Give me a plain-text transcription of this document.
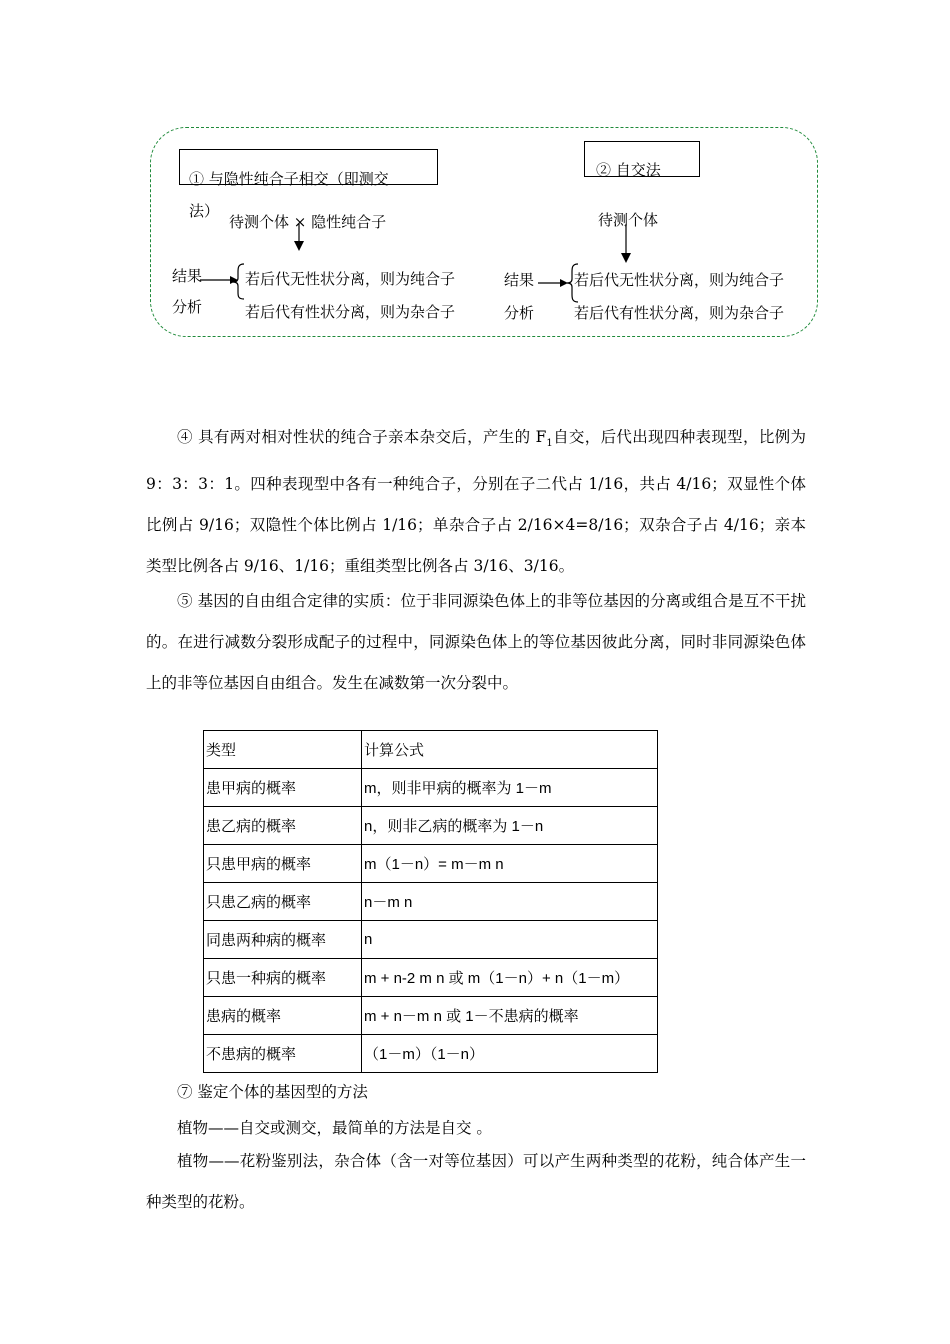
① 与隐性纯合子相交（即测交
法）
待测个体 × 隐性纯合子
结果
分析
若后代无性状分离，则为纯合子
若后代有性状分离，则为杂合子
② 自交法
待测个体
结果
分析
若后代无性状分离，则为纯合子
若后代有性状分离，则为杂合子

④ 具有两对相对性状的纯合子亲本杂交后，产生的 $F_1$自交，后代出现四种表现型，比例为 9：3：3：1。四种表现型中各有一种纯合子，分别在子二代占 1/16，共占 4/16；双显性个体比例占 9/16；双隐性个体比例占 1/16；单杂合子占 2/16×4=8/16；双杂合子占 4/16；亲本类型比例各占 9/16、1/16；重组类型比例各占 3/16、3/16。

⑤ 基因的自由组合定律的实质：位于非同源染色体上的非等位基因的分离或组合是互不干扰的。在进行减数分裂形成配子的过程中，同源染色体上的等位基因彼此分离，同时非同源染色体上的非等位基因自由组合。发生在减数第一次分裂中。

类型	计算公式
患甲病的概率	m，则非甲病的概率为 1－m
患乙病的概率	n，则非乙病的概率为 1－n
只患甲病的概率	m（1－n）= m－m n
只患乙病的概率	n－m n
同患两种病的概率	n
只患一种病的概率	m + n-2 m n 或 m（1－n）+ n（1－m）
患病的概率	m + n－m n 或 1－不患病的概率
不患病的概率	（1－m）（1－n）
⑦ 鉴定个体的基因型的方法
植物——自交或测交，最简单的方法是自交 。

植物——花粉鉴别法，杂合体（含一对等位基因）可以产生两种类型的花粉，纯合体产生一种类型的花粉。
